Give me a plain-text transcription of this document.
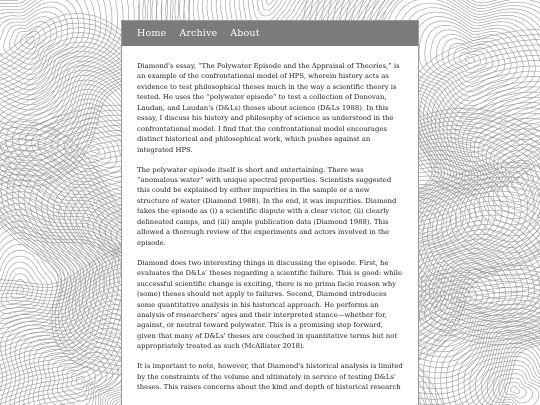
Home Archive About

Diamond's essay, “The Polywater Episode and the Appraisal of Theories,” is an example of the confrontational model of HPS, wherein history acts as evidence to test philosophical theses much in the way a scientific theory is tested. He uses the “polywater episode” to test a collection of Donovan, Laudan, and Laudan's (D&Ls) theses about science (D&Ls 1988). In this essay, I discuss his history and philosophy of science as understood in the confrontational model. I find that the confrontational model encourages distinct historical and philosophical work, which pushes against an integrated HPS.

The polywater episode itself is short and entertaining. There was “anomalous water” with unique spectral properties. Scientists suggested this could be explained by either impurities in the sample or a new structure of water (Diamond 1988). In the end, it was impurities. Diamond takes the episode as (i) a scientific dispute with a clear victor, (ii) clearly delineated camps, and (iii) ample publication data (Diamond 1988). This allowed a thorough review of the experiments and actors involved in the episode.

Diamond does two interesting things in discussing the episode. First, he evaluates the D&Ls' theses regarding a scientific failure. This is good: while successful scientific change is exciting, there is no prima facie reason why (some) theses should not apply to failures. Second, Diamond introduces some quantitative analysis in his historical approach. He performs an analysis of researchers' ages and their interpreted stance—whether for, against, or neutral toward polywater. This is a promising step forward, given that many of D&Ls' theses are couched in quantitative terms but not appropriately treated as such (McAllister 2018).

It is important to note, however, that Diamond's historical analysis is limited by the constraints of the volume and ultimately in service of testing D&Ls' theses. This raises concerns about the kind and depth of historical research
